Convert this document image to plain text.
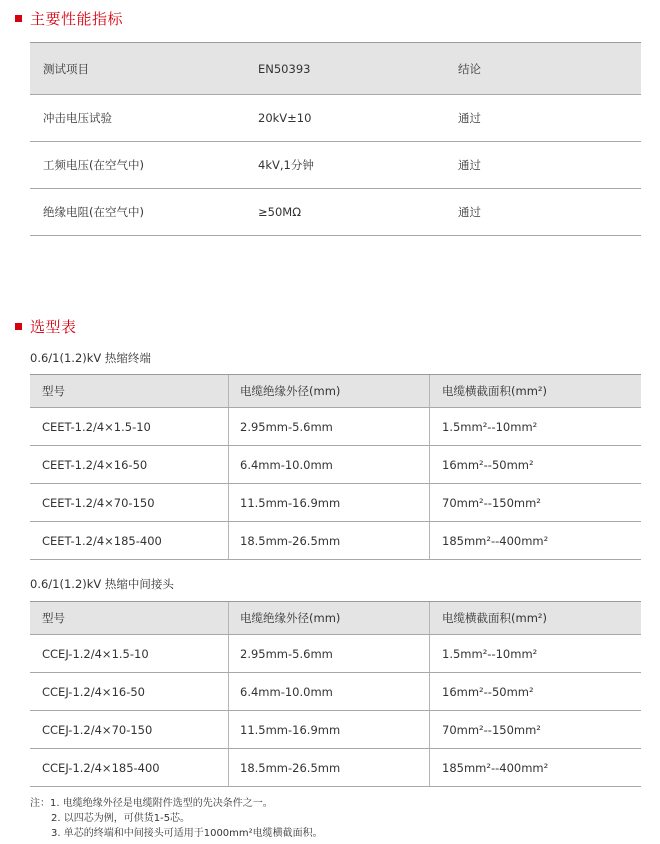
主要性能指标
测试项目	EN50393	结论
冲击电压试验	20kV±10	通过
工频电压(在空气中)	4kV,1分钟	通过
绝缘电阻(在空气中)	≥50MΩ	通过
选型表
0.6/1(1.2)kV 热缩终端
型号	电缆绝缘外径(mm)	电缆横截面积(mm²)
CEET-1.2/4×1.5-10	2.95mm-5.6mm	1.5mm²--10mm²
CEET-1.2/4×16-50	6.4mm-10.0mm	16mm²--50mm²
CEET-1.2/4×70-150	11.5mm-16.9mm	70mm²--150mm²
CEET-1.2/4×185-400	18.5mm-26.5mm	185mm²--400mm²
0.6/1(1.2)kV 热缩中间接头
型号	电缆绝缘外径(mm)	电缆横截面积(mm²)
CCEJ-1.2/4×1.5-10	2.95mm-5.6mm	1.5mm²--10mm²
CCEJ-1.2/4×16-50	6.4mm-10.0mm	16mm²--50mm²
CCEJ-1.2/4×70-150	11.5mm-16.9mm	70mm²--150mm²
CCEJ-1.2/4×185-400	18.5mm-26.5mm	185mm²--400mm²
注：1. 电缆绝缘外径是电缆附件选型的先决条件之一。
2. 以四芯为例，可供货1-5芯。
3. 单芯的终端和中间接头可适用于1000mm²电缆横截面积。
